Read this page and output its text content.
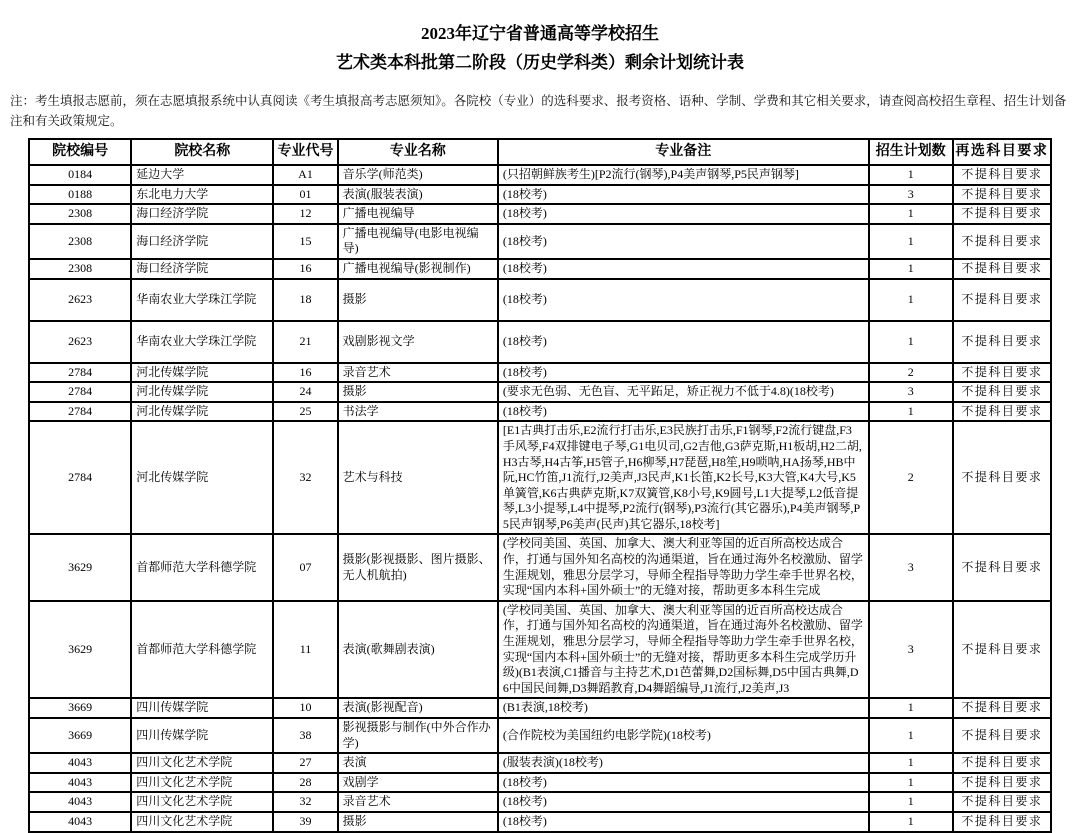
2023年辽宁省普通高等学校招生
艺术类本科批第二阶段（历史学科类）剩余计划统计表
注：考生填报志愿前，须在志愿填报系统中认真阅读《考生填报高考志愿须知》。各院校（专业）的选科要求、报考资格、语种、学制、学费和其它相关要求，请查阅高校招生章程、招生计划备注和有关政策规定。
院校编号	院校名称	专业代号	专业名称	专业备注	招生计划数	再选科目要求
0184	延边大学	A1	音乐学(师范类)	(只招朝鲜族考生)[P2流行(钢琴),P4美声钢琴,P5民声钢琴]	1	不提科目要求
0188	东北电力大学	01	表演(服装表演)	(18校考)	3	不提科目要求
2308	海口经济学院	12	广播电视编导	(18校考)	1	不提科目要求
2308	海口经济学院	15	广播电视编导(电影电视编导)	(18校考)	1	不提科目要求
2308	海口经济学院	16	广播电视编导(影视制作)	(18校考)	1	不提科目要求
2623	华南农业大学珠江学院	18	摄影	(18校考)	1	不提科目要求
2623	华南农业大学珠江学院	21	戏剧影视文学	(18校考)	1	不提科目要求
2784	河北传媒学院	16	录音艺术	(18校考)	2	不提科目要求
2784	河北传媒学院	24	摄影	(要求无色弱、无色盲、无平跖足，矫正视力不低于4.8)(18校考)	3	不提科目要求
2784	河北传媒学院	25	书法学	(18校考)	1	不提科目要求
2784	河北传媒学院	32	艺术与科技	[E1古典打击乐,E2流行打击乐,E3民族打击乐,F1钢琴,F2流行键盘,F3手风琴,F4双排键电子琴,G1电贝司,G2吉他,G3萨克斯,H1板胡,H2二胡,H3古琴,H4古筝,H5管子,H6柳琴,H7琵琶,H8笙,H9唢呐,HA扬琴,HB中阮,HC竹笛,J1流行,J2美声,J3民声,K1长笛,K2长号,K3大管,K4大号,K5单簧管,K6古典萨克斯,K7双簧管,K8小号,K9圆号,L1大提琴,L2低音提琴,L3小提琴,L4中提琴,P2流行(钢琴),P3流行(其它器乐),P4美声钢琴,P5民声钢琴,P6美声(民声)其它器乐,18校考]	2	不提科目要求
3629	首都师范大学科德学院	07	摄影(影视摄影、图片摄影、无人机航拍)	(学校同美国、英国、加拿大、澳大利亚等国的近百所高校达成合作，打通与国外知名高校的沟通渠道，旨在通过海外名校激励、留学生涯规划，雅思分层学习，导师全程指导等助力学生牵手世界名校，实现“国内本科+国外硕士”的无缝对接，帮助更多本科生完成	3	不提科目要求
3629	首都师范大学科德学院	11	表演(歌舞剧表演)	(学校同美国、英国、加拿大、澳大利亚等国的近百所高校达成合作，打通与国外知名高校的沟通渠道，旨在通过海外名校激励、留学生涯规划，雅思分层学习，导师全程指导等助力学生牵手世界名校，实现“国内本科+国外硕士”的无缝对接，帮助更多本科生完成学历升级)(B1表演,C1播音与主持艺术,D1芭蕾舞,D2国标舞,D5中国古典舞,D6中国民间舞,D3舞蹈教育,D4舞蹈编导,J1流行,J2美声,J3	3	不提科目要求
3669	四川传媒学院	10	表演(影视配音)	(B1表演,18校考)	1	不提科目要求
3669	四川传媒学院	38	影视摄影与制作(中外合作办学)	(合作院校为美国纽约电影学院)(18校考)	1	不提科目要求
4043	四川文化艺术学院	27	表演	(服装表演)(18校考)	1	不提科目要求
4043	四川文化艺术学院	28	戏剧学	(18校考)	1	不提科目要求
4043	四川文化艺术学院	32	录音艺术	(18校考)	1	不提科目要求
4043	四川文化艺术学院	39	摄影	(18校考)	1	不提科目要求
